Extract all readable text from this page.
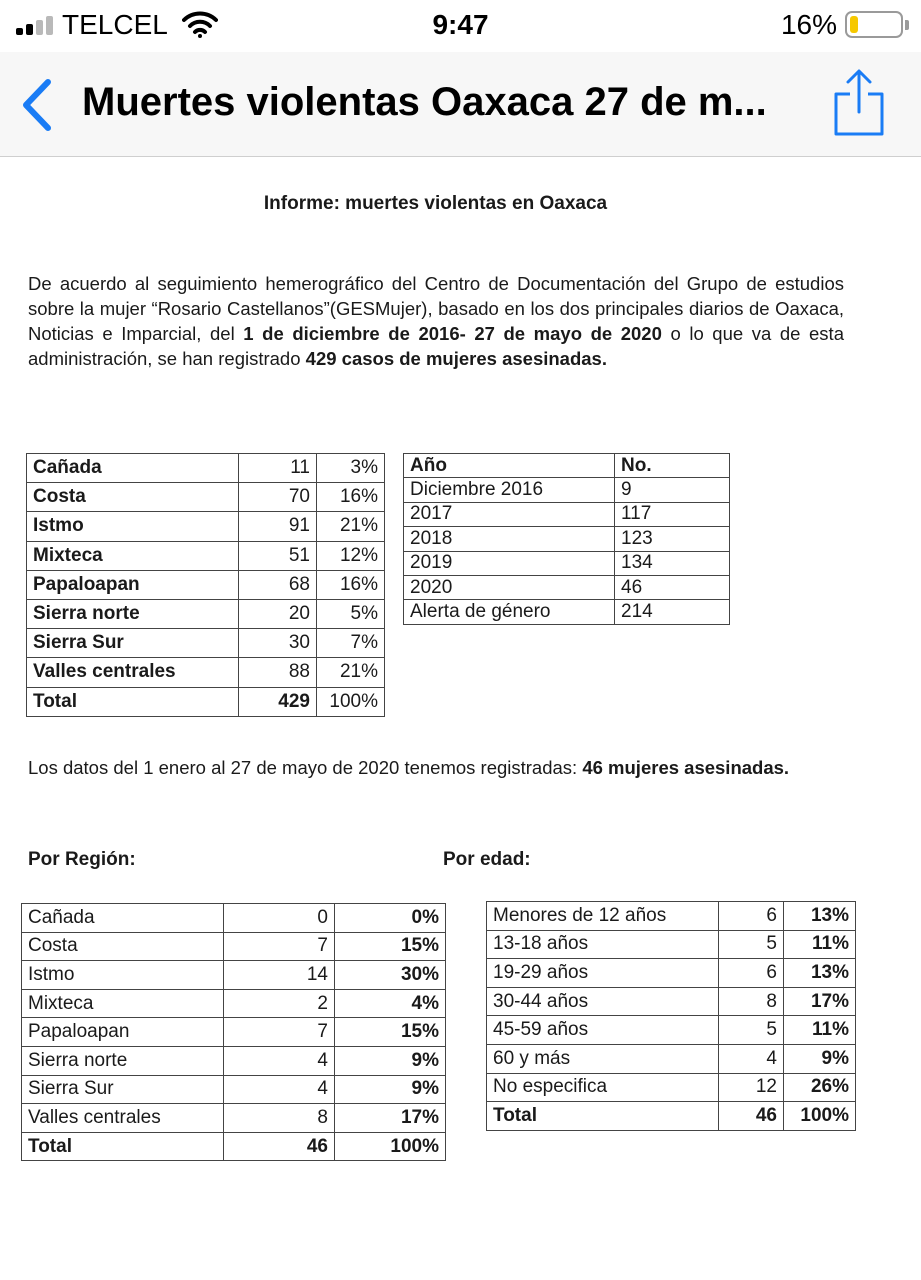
TELCEL	9:47	16%
Muertes violentas Oaxaca 27 de m...
Informe: muertes violentas en Oaxaca

De acuerdo al seguimiento hemerográfico del Centro de Documentación del Grupo de estudios sobre la mujer “Rosario Castellanos”(GESMujer), basado en los dos principales diarios de Oaxaca, Noticias e Imparcial, del 1 de diciembre de 2016- 27 de mayo de 2020 o lo que va de esta administración, se han registrado 429 casos de mujeres asesinadas.

Cañada	11	3%
Costa	70	16%
Istmo	91	21%
Mixteca	51	12%
Papaloapan	68	16%
Sierra norte	20	5%
Sierra Sur	30	7%
Valles centrales	88	21%
Total	429	100%
Año	No.
Diciembre 2016	9
2017	117
2018	123
2019	134
2020	46
Alerta de género	214

Los datos del 1 enero al 27 de mayo de 2020 tenemos registradas: 46 mujeres asesinadas.

Por Región:	Por edad:
Cañada	0	0%
Costa	7	15%
Istmo	14	30%
Mixteca	2	4%
Papaloapan	7	15%
Sierra norte	4	9%
Sierra Sur	4	9%
Valles centrales	8	17%
Total	46	100%
Menores de 12 años	6	13%
13-18 años	5	11%
19-29 años	6	13%
30-44 años	8	17%
45-59 años	5	11%
60 y más	4	9%
No especifica	12	26%
Total	46	100%
